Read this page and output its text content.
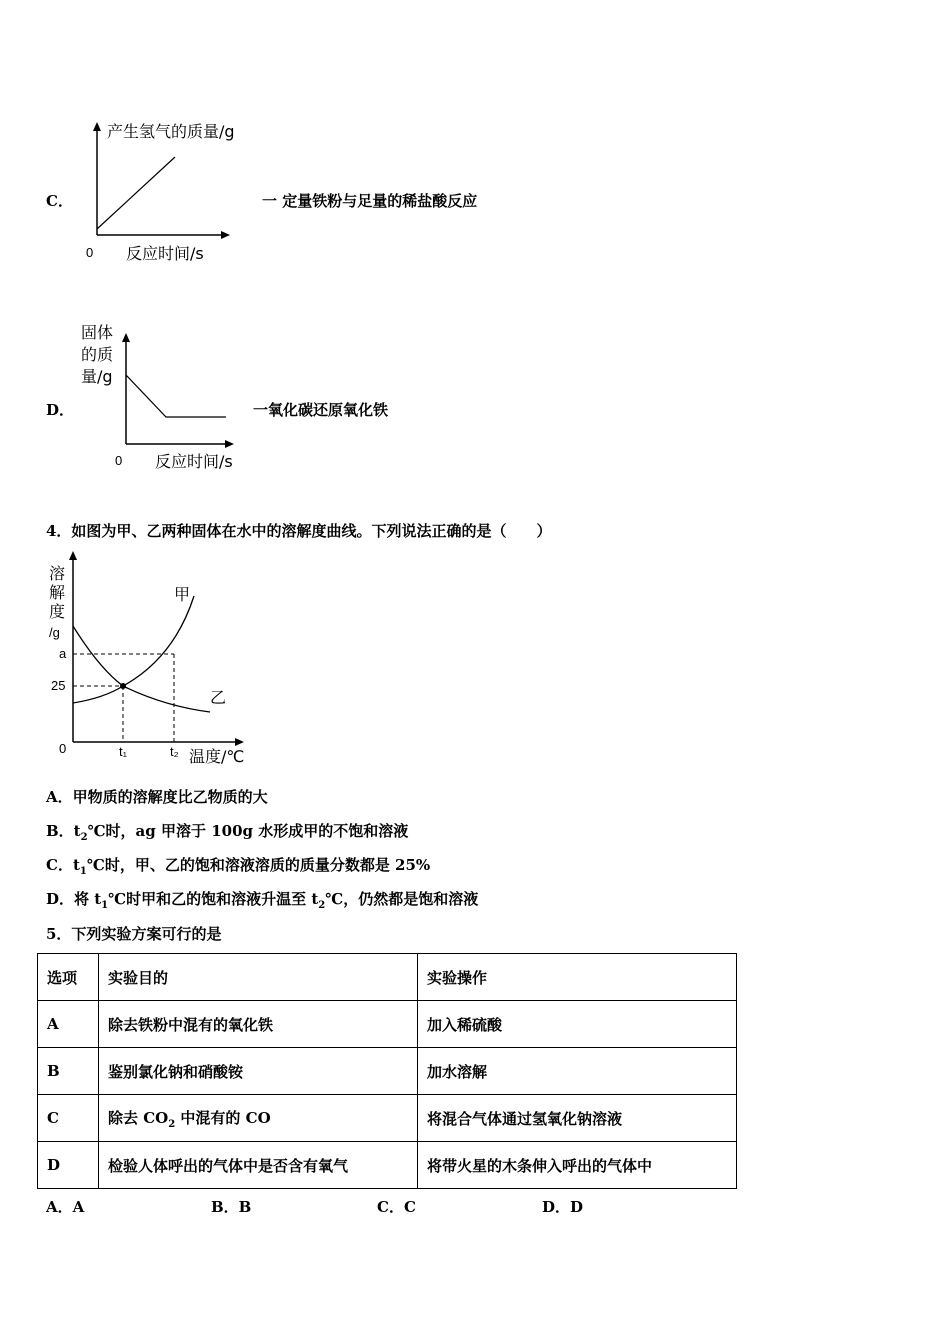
C．
产生氢气的质量/g
0 反应时间/s
一 定量铁粉与足量的稀盐酸反应
D．
固体
的质
量/g
0 反应时间/s
一氧化碳还原氧化铁
4．如图为甲、乙两种固体在水中的溶解度曲线。下列说法正确的是（　　）
溶
解
度
/g
a
25
0	t₁	t₂ 温度/℃
甲
乙
A．甲物质的溶解度比乙物质的大
B．$t_2℃$时，ag 甲溶于 100g 水形成甲的不饱和溶液
C．$t_1℃$时，甲、乙的饱和溶液溶质的质量分数都是 25%
D．将 $t_1℃$时甲和乙的饱和溶液升温至 $t_2℃$，仍然都是饱和溶液
5．下列实验方案可行的是
选项	实验目的	实验操作
A	除去铁粉中混有的氧化铁	加入稀硫酸
B	鉴别氯化钠和硝酸铵	加水溶解
C	除去 $CO_2$ 中混有的 CO	将混合气体通过氢氧化钠溶液
D	检验人体呼出的气体中是否含有氧气	将带火星的木条伸入呼出的气体中
A．A	B．B	C．C	D．D
